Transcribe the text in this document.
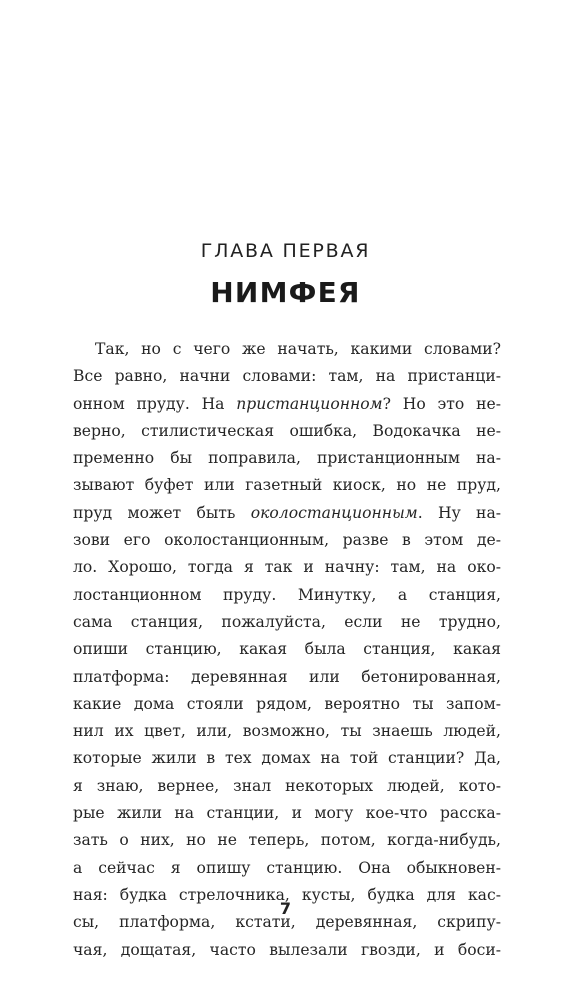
ГЛАВА ПЕРВАЯ
НИМФЕЯ
Так, но с чего же начать, какими словами?
Все равно, начни словами: там, на пристанци-
онном пруду. На пристанционном? Но это не-
верно, стилистическая ошибка, Водокачка не-
пременно бы поправила, пристанционным на-
зывают буфет или газетный киоск, но не пруд,
пруд может быть околостанционным. Ну на-
зови его околостанционным, разве в этом де-
ло. Хорошо, тогда я так и начну: там, на око-
лостанционном пруду. Минутку, а станция,
сама станция, пожалуйста, если не трудно,
опиши станцию, какая была станция, какая
платформа: деревянная или бетонированная,
какие дома стояли рядом, вероятно ты запом-
нил их цвет, или, возможно, ты знаешь людей,
которые жили в тех домах на той станции? Да,
я знаю, вернее, знал некоторых людей, кото-
рые жили на станции, и могу кое-что расска-
зать о них, но не теперь, потом, когда-нибудь,
а сейчас я опишу станцию. Она обыкновен-
ная: будка стрелочника, кусты, будка для кас-
сы, платформа, кстати, деревянная, скрипу-
чая, дощатая, часто вылезали гвозди, и боси-
7
